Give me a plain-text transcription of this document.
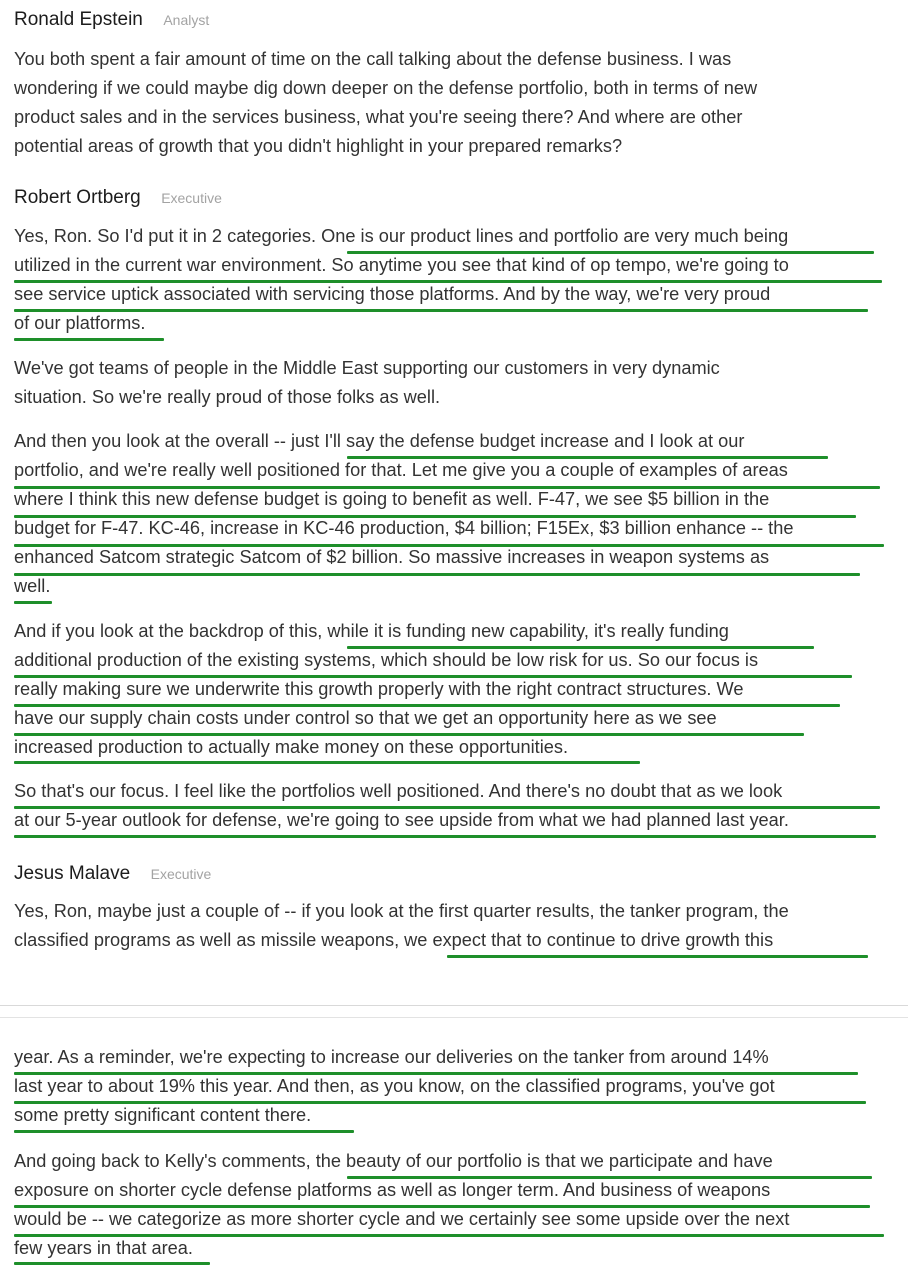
Ronald Epstein Analyst
You both spent a fair amount of time on the call talking about the defense business. I was
wondering if we could maybe dig down deeper on the defense portfolio, both in terms of new
product sales and in the services business, what you're seeing there? And where are other
potential areas of growth that you didn't highlight in your prepared remarks?
Robert Ortberg Executive
Yes, Ron. So I'd put it in 2 categories. One is our product lines and portfolio are very much being
utilized in the current war environment. So anytime you see that kind of op tempo, we're going to
see service uptick associated with servicing those platforms. And by the way, we're very proud
of our platforms.
We've got teams of people in the Middle East supporting our customers in very dynamic
situation. So we're really proud of those folks as well.
And then you look at the overall -- just I'll say the defense budget increase and I look at our
portfolio, and we're really well positioned for that. Let me give you a couple of examples of areas
where I think this new defense budget is going to benefit as well. F-47, we see $5 billion in the
budget for F-47. KC-46, increase in KC-46 production, $4 billion; F15Ex, $3 billion enhance -- the
enhanced Satcom strategic Satcom of $2 billion. So massive increases in weapon systems as
well.
And if you look at the backdrop of this, while it is funding new capability, it's really funding
additional production of the existing systems, which should be low risk for us. So our focus is
really making sure we underwrite this growth properly with the right contract structures. We
have our supply chain costs under control so that we get an opportunity here as we see
increased production to actually make money on these opportunities.
So that's our focus. I feel like the portfolios well positioned. And there's no doubt that as we look
at our 5-year outlook for defense, we're going to see upside from what we had planned last year.
Jesus Malave Executive
Yes, Ron, maybe just a couple of -- if you look at the first quarter results, the tanker program, the
classified programs as well as missile weapons, we expect that to continue to drive growth this
year. As a reminder, we're expecting to increase our deliveries on the tanker from around 14%
last year to about 19% this year. And then, as you know, on the classified programs, you've got
some pretty significant content there.
And going back to Kelly's comments, the beauty of our portfolio is that we participate and have
exposure on shorter cycle defense platforms as well as longer term. And business of weapons
would be -- we categorize as more shorter cycle and we certainly see some upside over the next
few years in that area.
